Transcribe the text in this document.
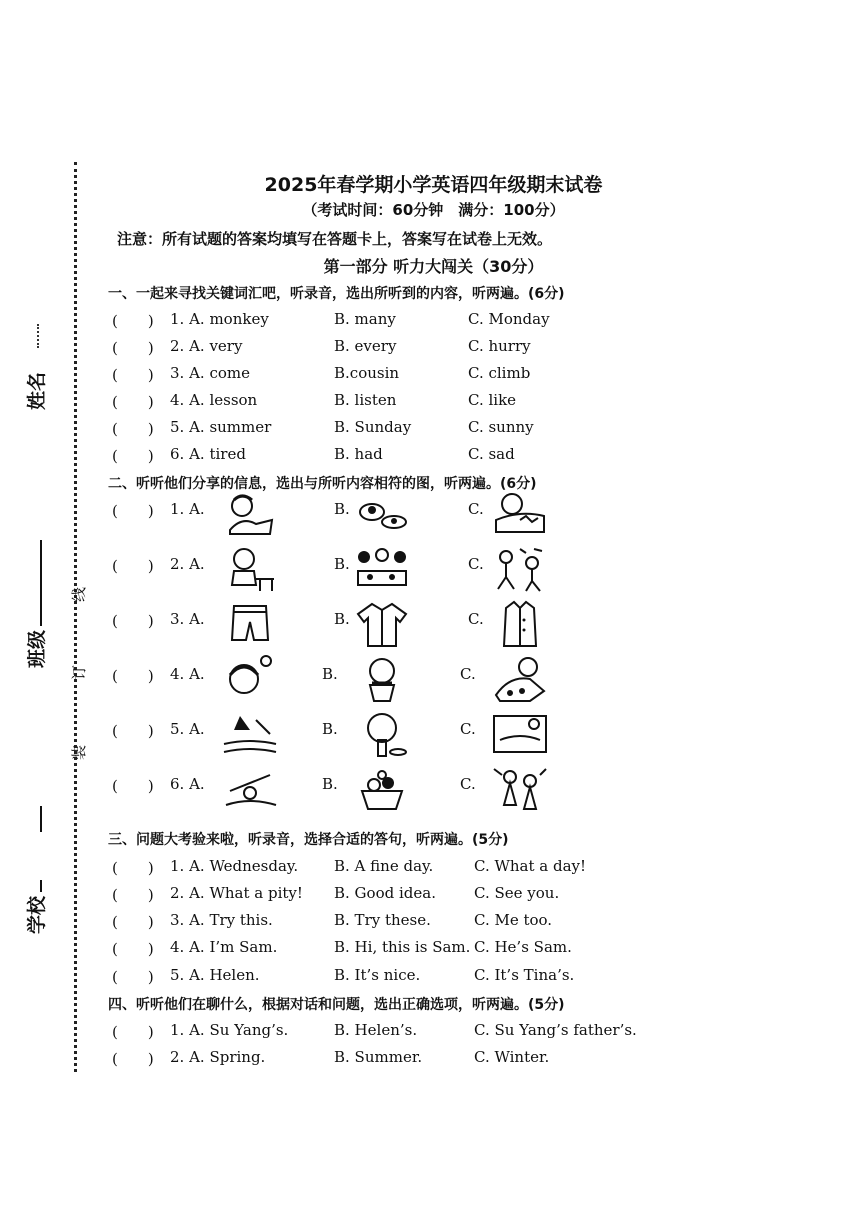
姓名
班级
学校
装
订
线
2025年春学期小学英语四年级期末试卷
（考试时间：60分钟　满分：100分）
注意：所有试题的答案均填写在答题卡上，答案写在试卷上无效。
第一部分 听力大闯关（30分）
一、一起来寻找关键词汇吧，听录音，选出所听到的内容，听两遍。(6分)
(　　) 1. A. monkey	B. many	C. Monday
(　　) 2. A. very	B. every	C. hurry
(　　) 3. A. come	B.cousin	C. climb
(　　) 4. A. lesson	B. listen	C. like
(　　) 5. A. summer	B. Sunday	C. sunny
(　　) 6. A. tired	B. had	C. sad
二、听听他们分享的信息，选出与所听内容相符的图，听两遍。(6分)
(　　) 1. A.	B.	C.
(　　) 2. A.	B.	C.
(　　) 3. A.	B.	C.
(　　) 4. A.	B.	C.
(　　) 5. A.	B.	C.
(　　) 6. A.	B.	C.
三、问题大考验来啦，听录音，选择合适的答句，听两遍。(5分)
(　　) 1. A. Wednesday. B. A fine day.	C. What a day!
(　　) 2. A. What a pity! B. Good idea.	C. See you.
(　　) 3. A. Try this.	B. Try these.	C. Me too.
(　　) 4. A. I’m Sam.	B. Hi, this is Sam. C. He’s Sam.
(　　) 5. A. Helen.	B. It’s nice.	C. It’s Tina’s.
四、听听他们在聊什么，根据对话和问题，选出正确选项，听两遍。(5分)
(　　) 1. A. Su Yang’s.	B. Helen’s.	C. Su Yang’s father’s.
(　　) 2. A. Spring.	B. Summer.	C. Winter.
